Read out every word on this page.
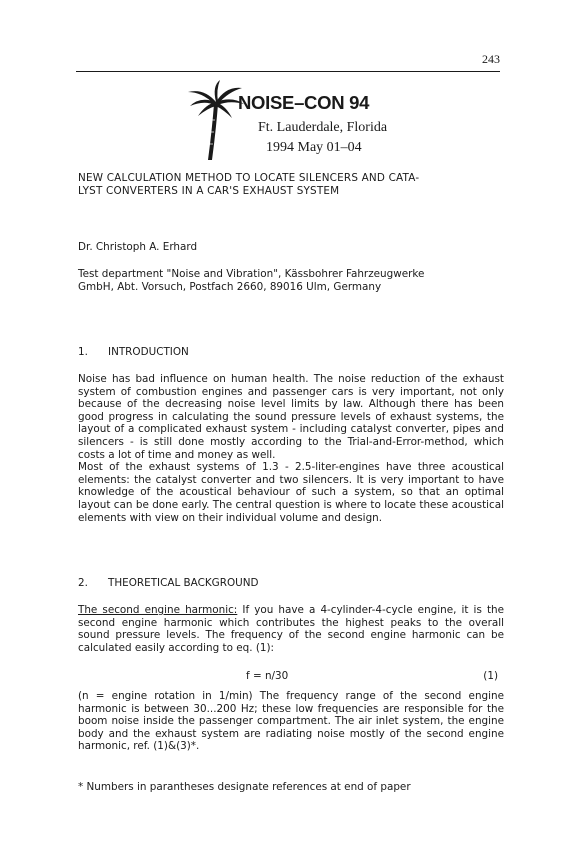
243
NOISE–CON 94
Ft. Lauderdale, Florida
1994 May 01–04
NEW CALCULATION METHOD TO LOCATE SILENCERS AND CATA-
LYST CONVERTERS IN A CAR'S EXHAUST SYSTEM
Dr. Christoph A. Erhard
Test department "Noise and Vibration", Kässbohrer Fahrzeugwerke
GmbH, Abt. Vorsuch, Postfach 2660, 89016 Ulm, Germany
1. INTRODUCTION

Noise has bad influence on human health. The noise reduction of the exhaust system of combustion engines and passenger cars is very important, not only because of the decreasing noise level limits by law. Although there has been good progress in calculating the sound pressure levels of exhaust systems, the layout of a complicated exhaust system - including catalyst converter, pipes and silencers - is still done mostly according to the Trial-and-Error-method, which costs a lot of time and money as well.

Most of the exhaust systems of 1.3 - 2.5-liter-engines have three acoustical elements: the catalyst converter and two silencers. It is very important to have knowledge of the acoustical behaviour of such a system, so that an optimal layout can be done early. The central question is where to locate these acoustical elements with view on their individual volume and design.

2. THEORETICAL BACKGROUND

The second engine harmonic: If you have a 4-cylinder-4-cycle engine, it is the second engine harmonic which contributes the highest peaks to the overall sound pressure levels. The frequency of the second engine harmonic can be calculated easily according to eq. (1):

f = n/30	(1)
(n = engine rotation in 1/min) The frequency range of the second engine harmonic is between 30...200 Hz; these low frequencies are responsible for the boom noise inside the passenger compartment. The air inlet system, the engine body and the exhaust system are radiating noise mostly of the second engine harmonic, ref. (1)&(3)*.
* Numbers in parantheses designate references at end of paper
